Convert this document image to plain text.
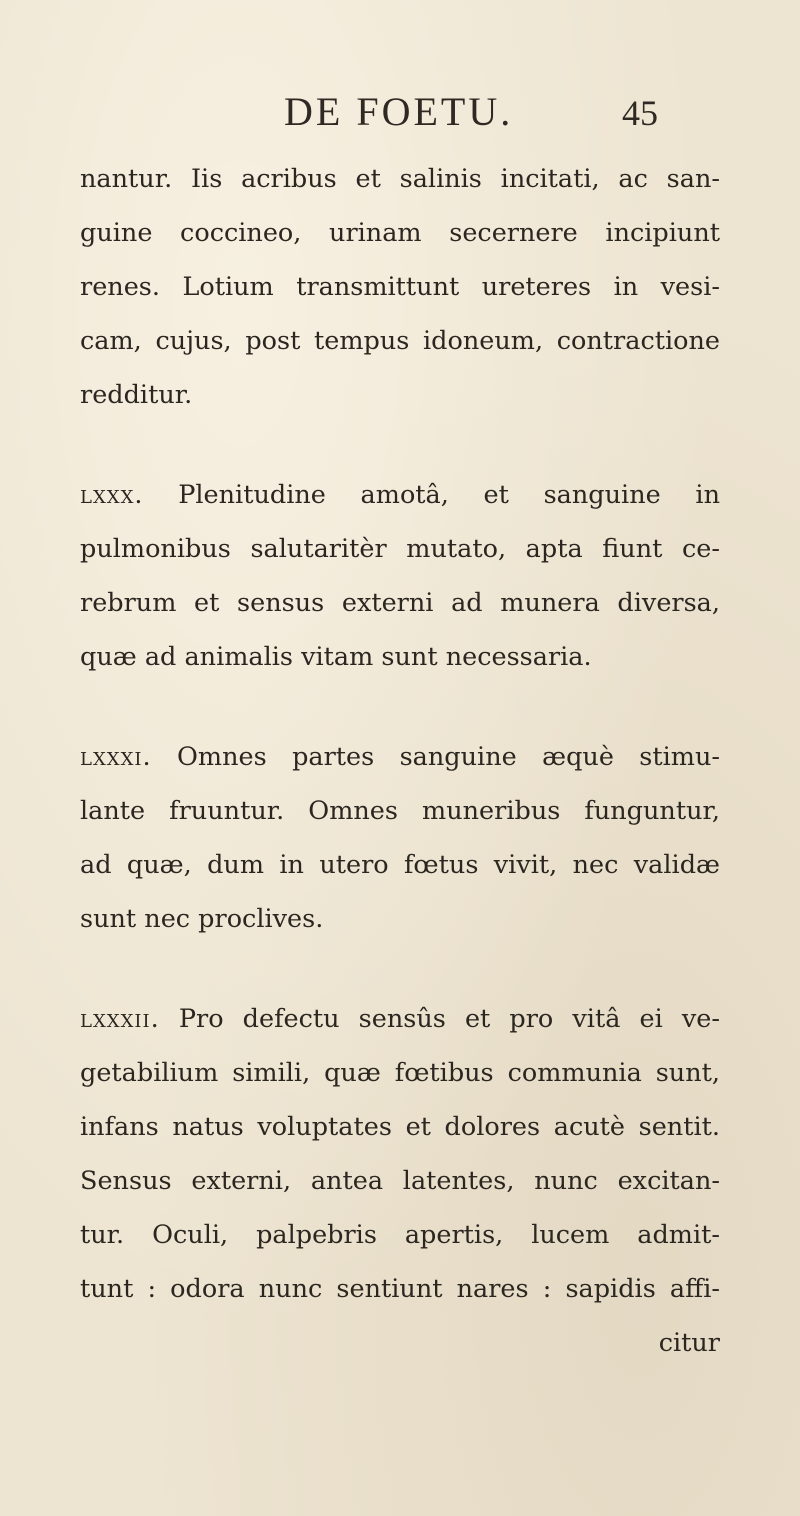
DE FOETU.	45

nantur. Iis acribus et salinis incitati, ac san-
guine coccineo, urinam secernere incipiunt
renes. Lotium transmittunt ureteres in vesi-
cam, cujus, post tempus idoneum, contractione
redditur.

lxxx. Plenitudine amotâ, et sanguine in
pulmonibus salutaritèr mutato, apta fiunt ce-
rebrum et sensus externi ad munera diversa,
quæ ad animalis vitam sunt necessaria.

lxxxi. Omnes partes sanguine æquè stimu-
lante fruuntur. Omnes muneribus funguntur,
ad quæ, dum in utero fœtus vivit, nec validæ
sunt nec proclives.

lxxxii. Pro defectu sensûs et pro vitâ ei ve-
getabilium simili, quæ fœtibus communia sunt,
infans natus voluptates et dolores acutè sentit.
Sensus externi, antea latentes, nunc excitan-
tur. Oculi, palpebris apertis, lucem admit-
tunt : odora nunc sentiunt nares : sapidis affi-
citur
